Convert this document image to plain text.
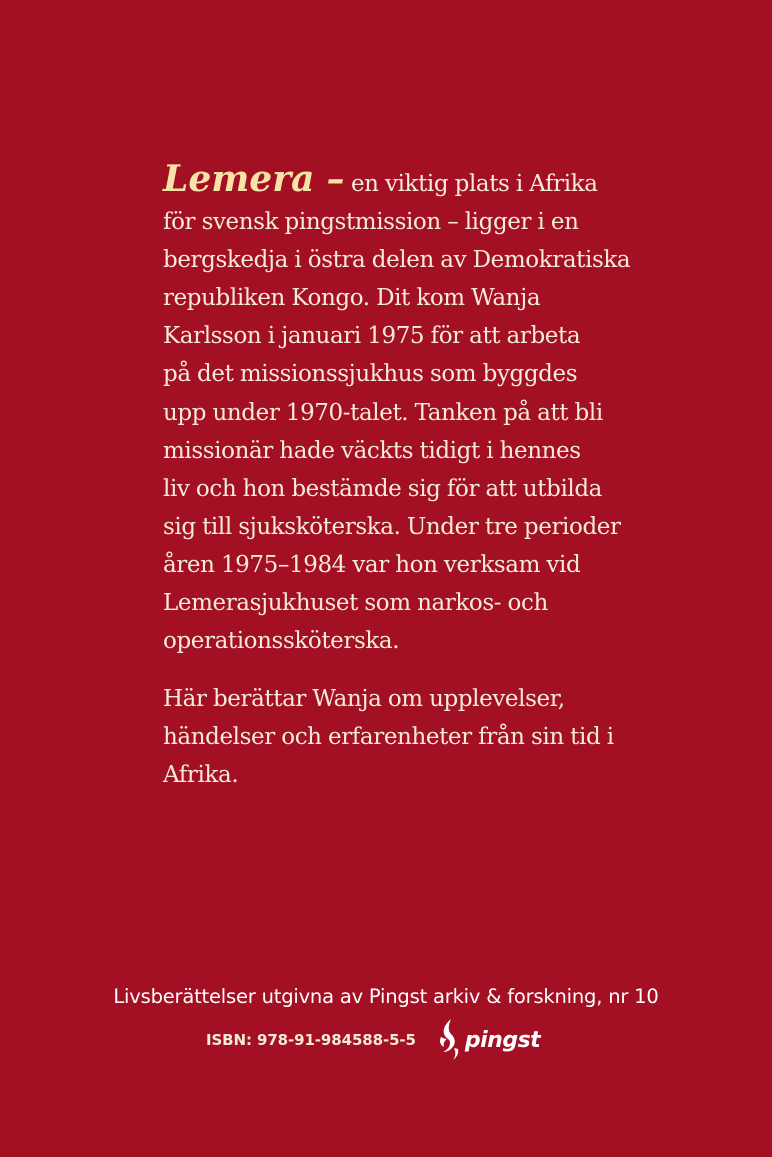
Lemera – en viktig plats i Afrika
för svensk pingstmission – ligger i en
bergskedja i östra delen av Demokratiska
republiken Kongo. Dit kom Wanja
Karlsson i januari 1975 för att arbeta
på det missionssjukhus som byggdes
upp under 1970-talet. Tanken på att bli
missionär hade väckts tidigt i hennes
liv och hon bestämde sig för att utbilda
sig till sjuksköterska. Under tre perioder
åren 1975–1984 var hon verksam vid
Lemerasjukhuset som narkos- och
operationssköterska.

Här berättar Wanja om upplevelser,
händelser och erfarenheter från sin tid i
Afrika.

Livsberättelser utgivna av Pingst arkiv & forskning, nr 10
ISBN: 978-91-984588-5-5 pingst
